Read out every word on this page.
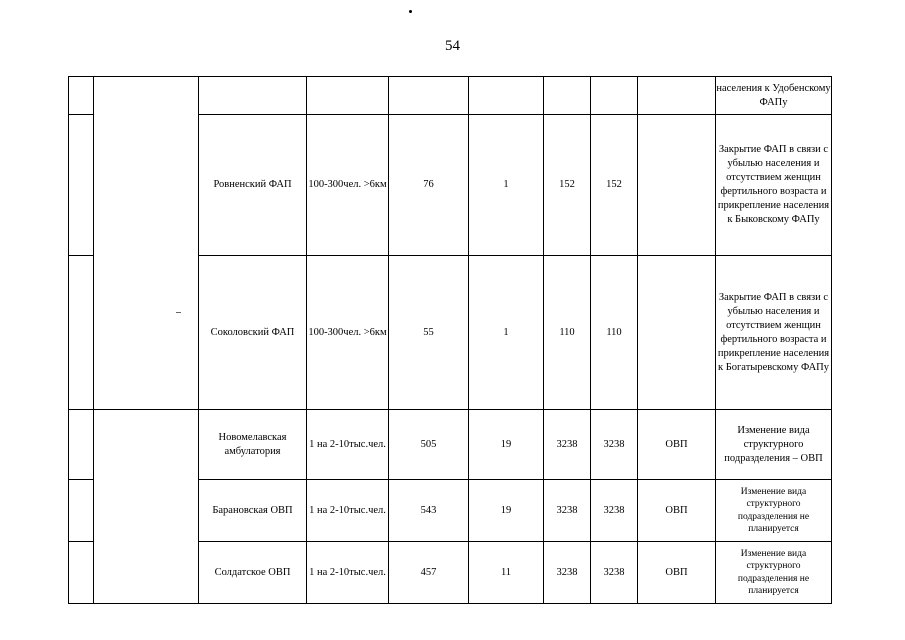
54
									населения к Удобенскому ФАПу
		Ровненский ФАП	100-300чел. >6км	76	1	152	152		Закрытие ФАП в связи с убылью населения и отсутствием женщин фертильного возраста и прикрепление населения к Быковскому ФАПу
		Соколовский ФАП	100-300чел. >6км	55	1	110	110		Закрытие ФАП в связи с убылью населения и отсутствием женщин фертильного возраста и прикрепление населения к Богатыревскому ФАПу
		Новомелавская амбулатория	1 на 2-10тыс.чел.	505	19	3238	3238	ОВП	Изменение вида структурного подразделения – ОВП
		Барановская ОВП	1 на 2-10тыс.чел.	543	19	3238	3238	ОВП	Изменение вида структурного подразделения не планируется
		Солдатское ОВП	1 на 2-10тыс.чел.	457	11	3238	3238	ОВП	Изменение вида структурного подразделения не планируется
